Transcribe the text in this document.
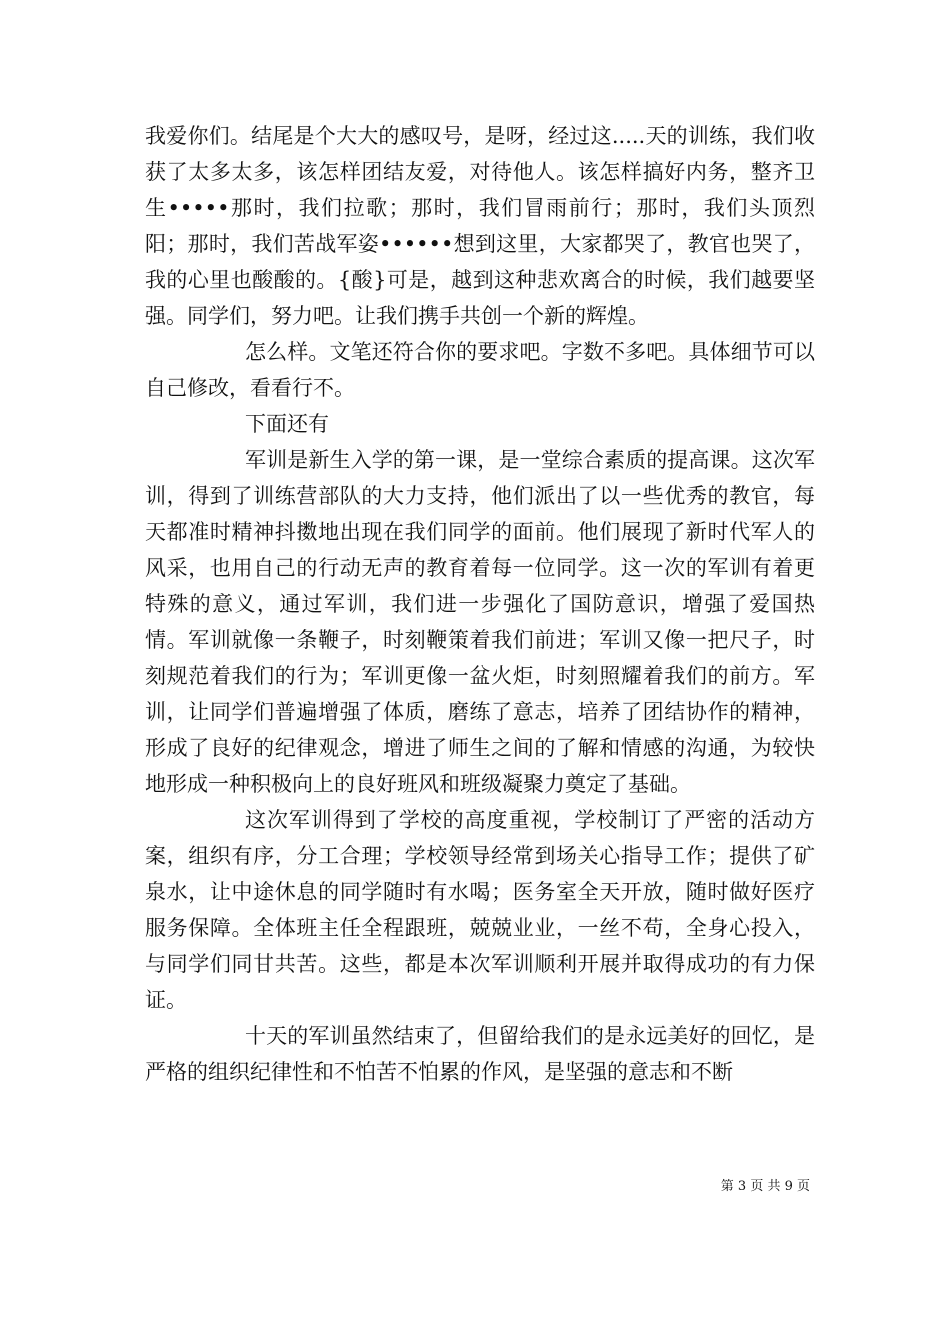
我爱你们。结尾是个大大的感叹号，是呀，经过这.....天的训练，我们收获了太多太多，该怎样团结友爱，对待他人。该怎样搞好内务，整齐卫生•••••那时，我们拉歌；那时，我们冒雨前行；那时，我们头顶烈阳；那时，我们苦战军姿••••••想到这里，大家都哭了，教官也哭了，我的心里也酸酸的。{酸}可是，越到这种悲欢离合的时候，我们越要坚强。同学们，努力吧。让我们携手共创一个新的辉煌。

怎么样。文笔还符合你的要求吧。字数不多吧。具体细节可以自己修改，看看行不。

下面还有

军训是新生入学的第一课，是一堂综合素质的提高课。这次军训，得到了训练营部队的大力支持，他们派出了以一些优秀的教官，每天都准时精神抖擞地出现在我们同学的面前。他们展现了新时代军人的风采，也用自己的行动无声的教育着每一位同学。这一次的军训有着更特殊的意义，通过军训，我们进一步强化了国防意识，增强了爱国热情。军训就像一条鞭子，时刻鞭策着我们前进；军训又像一把尺子，时刻规范着我们的行为；军训更像一盆火炬，时刻照耀着我们的前方。军训，让同学们普遍增强了体质，磨练了意志，培养了团结协作的精神，形成了良好的纪律观念，增进了师生之间的了解和情感的沟通，为较快地形成一种积极向上的良好班风和班级凝聚力奠定了基础。

这次军训得到了学校的高度重视，学校制订了严密的活动方案，组织有序，分工合理；学校领导经常到场关心指导工作；提供了矿泉水，让中途休息的同学随时有水喝；医务室全天开放，随时做好医疗服务保障。全体班主任全程跟班，兢兢业业，一丝不苟，全身心投入，与同学们同甘共苦。这些，都是本次军训顺利开展并取得成功的有力保证。

十天的军训虽然结束了，但留给我们的是永远美好的回忆，是严格的组织纪律性和不怕苦不怕累的作风，是坚强的意志和不断

第 3 页 共 9 页
